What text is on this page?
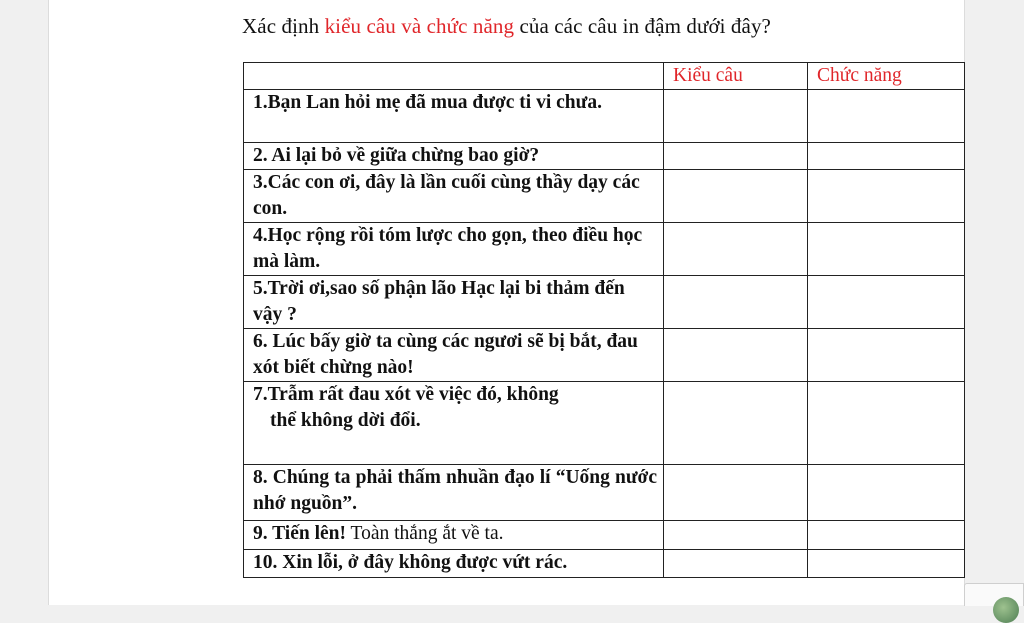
Xác định kiểu câu và chức năng của các câu in đậm dưới đây?
	Kiểu câu	Chức năng
1.Bạn Lan hỏi mẹ đã mua được ti vi chưa.		
2. Ai lại bỏ về giữa chừng bao giờ?		
3.Các con ơi, đây là lần cuối cùng thầy dạy các con.		
4.Học rộng rồi tóm lược cho gọn, theo điều học mà làm.		
5.Trời ơi,sao số phận lão Hạc lại bi thảm đến vậy ?		
6. Lúc bấy giờ ta cùng các ngươi sẽ bị bắt, đau xót biết chừng nào!		

7.Trẫm rất đau xót về việc đó, không
thể không dời đổi.		

8. Chúng ta phải thấm nhuần đạo lí “Uống nước nhớ nguồn”.		
9. Tiến lên! Toàn thắng ắt về ta.		
10. Xin lỗi, ở đây không được vứt rác.		
